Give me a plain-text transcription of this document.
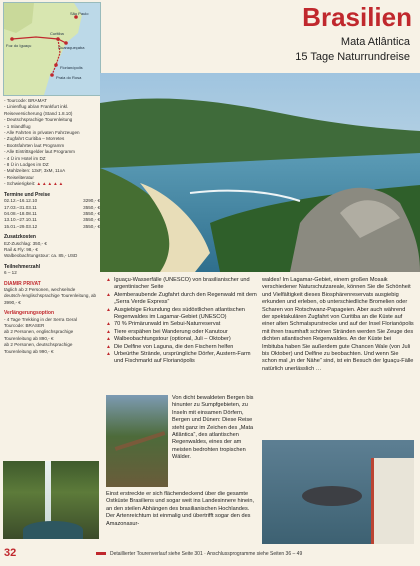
São Paulo
Curitiba
Guaraqueçaba
Florianópolis
Praia do Rosa
Foz do Iguaçu
- Tourcode: BRAMAT
- Linienflug ab/an Frankfurt inkl. Reiseversicherung (Stand 1.8.10)
- Deutschsprachige Tourenleitung
- 1 Inlandflug
- Alle Fahrten in privaten Fahrzeugen
- Zugfahrt Curitiba – Morretes
- Bootsfahrten laut Programm
- Alle Eintrittsgelder laut Programm
- 4 Ü im Hotel im DZ
- 8 Ü in Lodges im DZ
- Mahlzeiten: 13xF, 3xM, 11xA
- Reiseliteratur
- Schwierigkeit: ▲▲▲▲▲
Termine und Preise
02.12.–16.12.10	3290,- €
17.03.–31.03.11	3550,- €
04.08.–18.08.11	3550,- €
13.10.–27.10.11	3550,- €
15.01.–29.03.12	3550,- €
Zusatzkosten
EZ-Zuschlag: 350,- €
Rail & Fly: 98,- €
Walbeobachtungstour: ca. 85,- USD
Teilnehmerzahl
6 – 12
DIAMIR PRIVAT
täglich ab 2 Personen, wechselnde deutsch-/englischsprachige Tourenleitung, ab 3990,- €
Verlängerungsoption
- 4 Tage Trekking in der Serra Geral
Tourcode: BRASER
ab 2 Personen, englischsprachige Tourenleitung ab 890,- €
ab 2 Personen, deutschsprachige Tourenleitung ab 990,- €
Brasilien
Mata Atlântica
15 Tage Naturrundreise
▲ Iguaçu-Wasserfälle (UNESCO) von brasilianischer und argentinischer Seite
▲ Atemberaubende Zugfahrt durch den Regenwald mit dem „Serra Verde Express“
▲ Ausgiebige Erkundung des südöstlichen atlantischen Regenwaldes im Lagamar-Gebiet (UNESCO)
▲ 70 % Primärurwald im Sebui-Naturreservat
▲ Tiere erspähen bei Wanderung oder Kanutour
▲ Walbeobachtungstour (optional, Juli – Oktober)
▲ Die Delfine von Laguna, die den Fischern helfen
▲ Urbeürthe Strände, ursprüngliche Dörfer, Austern-Farm und Fischmarkt auf Florianópolis
Von dicht bewaldeten Bergen bis hinunter zu Sumpfgebieten, zu Inseln mit einsamen Dörfern, Bergen und Dünen: Diese Reise steht ganz im Zeichen des „Mata Atlântica“, des atlantischen Regenwaldes, eines der am meisten bedrohten tropischen Wälder.
Einst erstreckte er sich flächendeckend über die gesamte Ostküste Brasiliens und sogar weit ins Landesinnere hinein, an den steilen Abhängen des brasilianischen Hochlandes. Der Artenreichtum ist einmalig und übertrifft sogar den des Amazonasur-
waldes! Im Lagamar-Gebiet, einem großen Mosaik verschiedener Naturschutzareale, können Sie die Schönheit und Vielfältigkeit dieses Biosphärenreservats ausgiebig erkunden und erleben, ob unterschiedliche Bromelien oder Scharen von Rotschwanz-Papageien. Aber auch während der spektakulären Zugfahrt von Curitiba an die Küste auf einer alten Schmalspurstrecke und auf der Insel Florianópolis mit ihren traumhaft schönen Stränden werden Sie Zeuge des dichten atlantischen Regenwaldes. An der Küste bei Imbituba haben Sie außerdem gute Chancen Wale (von Juli bis Oktober) und Delfine zu beobachten. Und wenn Sie schon mal „in der Nähe“ sind, ist ein Besuch der Iguaçu-Fälle natürlich unerlässlich …
32	Detaillierter Tourenverlauf siehe Seite 301 · Anschlussprogramme siehe Seiten 36 – 49
